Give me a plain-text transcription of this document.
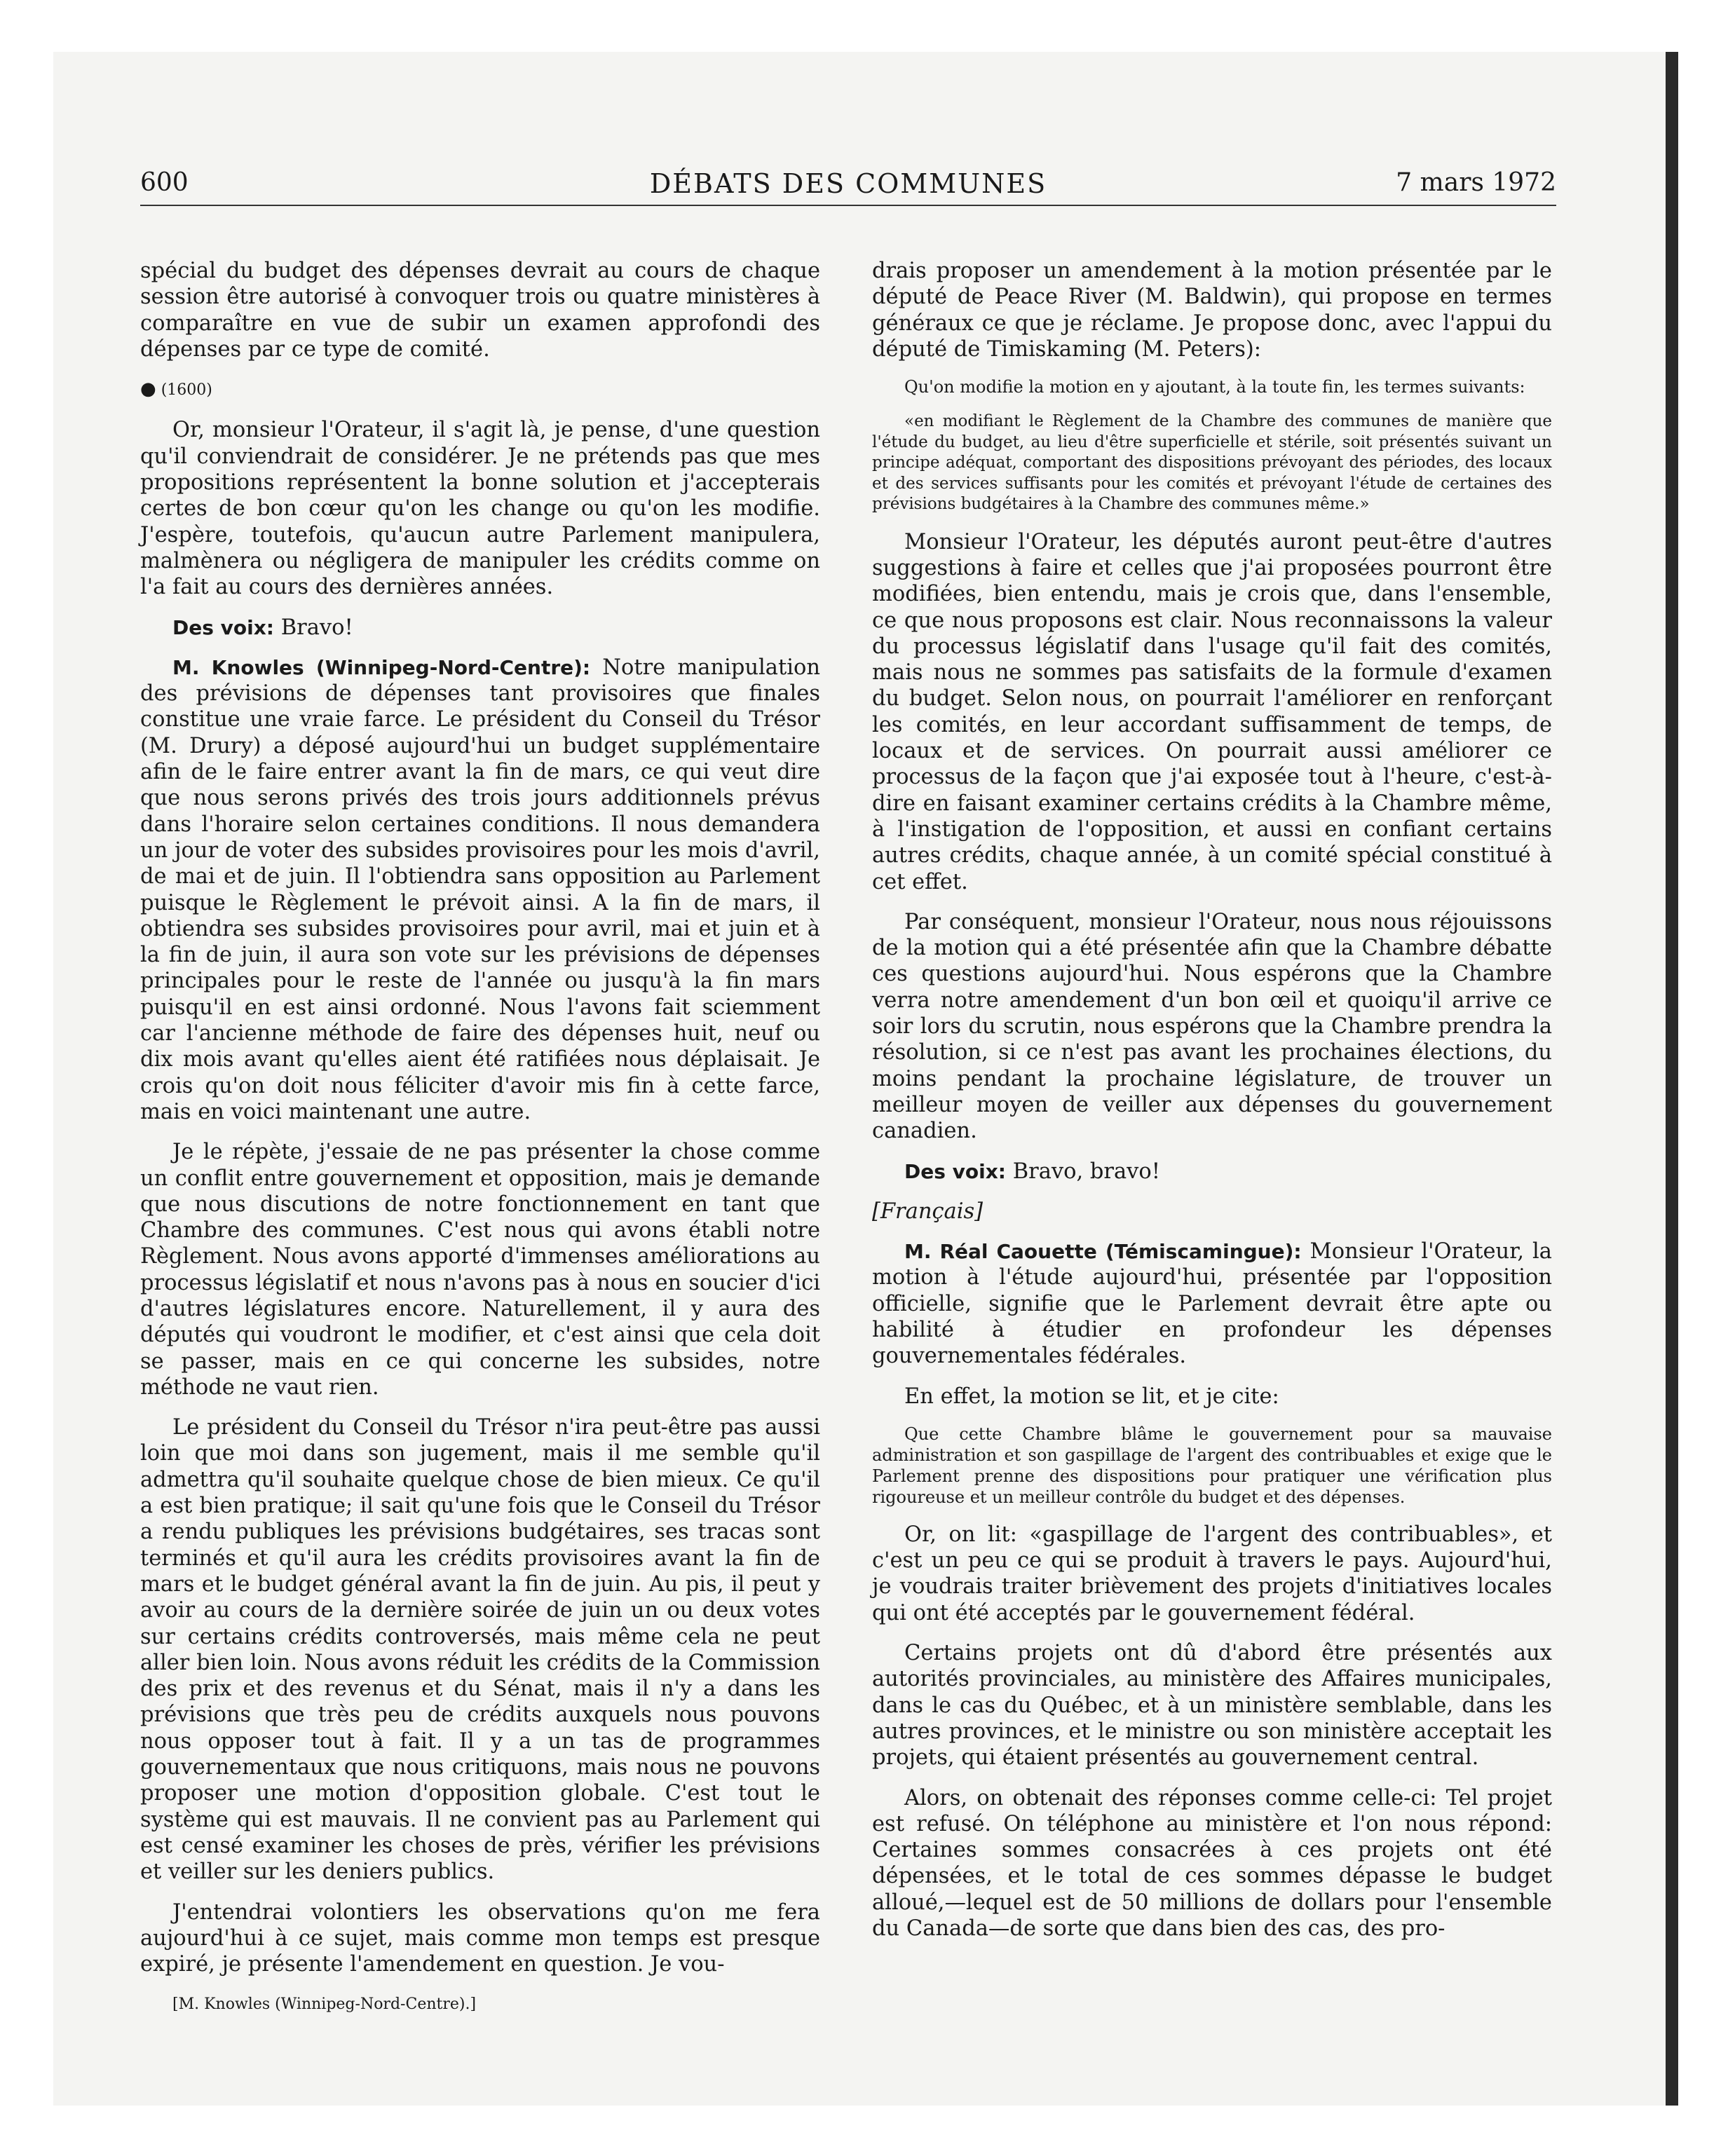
600	DÉBATS DES COMMUNES	7 mars 1972

spécial du budget des dépenses devrait au cours de chaque session être autorisé à convoquer trois ou quatre ministères à comparaître en vue de subir un examen approfondi des dépenses par ce type de comité.

● (1600)

Or, monsieur l'Orateur, il s'agit là, je pense, d'une question qu'il conviendrait de considérer. Je ne prétends pas que mes propositions représentent la bonne solution et j'accepterais certes de bon cœur qu'on les change ou qu'on les modifie. J'espère, toutefois, qu'aucun autre Parlement manipulera, malmènera ou négligera de manipuler les crédits comme on l'a fait au cours des dernières années.

Des voix: Bravo!

M. Knowles (Winnipeg-Nord-Centre): Notre manipulation des prévisions de dépenses tant provisoires que finales constitue une vraie farce. Le président du Conseil du Trésor (M. Drury) a déposé aujourd'hui un budget supplémentaire afin de le faire entrer avant la fin de mars, ce qui veut dire que nous serons privés des trois jours additionnels prévus dans l'horaire selon certaines conditions. Il nous demandera un jour de voter des subsides provisoires pour les mois d'avril, de mai et de juin. Il l'obtiendra sans opposition au Parlement puisque le Règlement le prévoit ainsi. A la fin de mars, il obtiendra ses subsides provisoires pour avril, mai et juin et à la fin de juin, il aura son vote sur les prévisions de dépenses principales pour le reste de l'année ou jusqu'à la fin mars puisqu'il en est ainsi ordonné. Nous l'avons fait sciemment car l'ancienne méthode de faire des dépenses huit, neuf ou dix mois avant qu'elles aient été ratifiées nous déplaisait. Je crois qu'on doit nous féliciter d'avoir mis fin à cette farce, mais en voici maintenant une autre.

Je le répète, j'essaie de ne pas présenter la chose comme un conflit entre gouvernement et opposition, mais je demande que nous discutions de notre fonctionnement en tant que Chambre des communes. C'est nous qui avons établi notre Règlement. Nous avons apporté d'immenses améliorations au processus législatif et nous n'avons pas à nous en soucier d'ici d'autres législatures encore. Naturellement, il y aura des députés qui voudront le modifier, et c'est ainsi que cela doit se passer, mais en ce qui concerne les subsides, notre méthode ne vaut rien.

Le président du Conseil du Trésor n'ira peut-être pas aussi loin que moi dans son jugement, mais il me semble qu'il admettra qu'il souhaite quelque chose de bien mieux. Ce qu'il a est bien pratique; il sait qu'une fois que le Conseil du Trésor a rendu publiques les prévisions budgétaires, ses tracas sont terminés et qu'il aura les crédits provisoires avant la fin de mars et le budget général avant la fin de juin. Au pis, il peut y avoir au cours de la dernière soirée de juin un ou deux votes sur certains crédits controversés, mais même cela ne peut aller bien loin. Nous avons réduit les crédits de la Commission des prix et des revenus et du Sénat, mais il n'y a dans les prévisions que très peu de crédits auxquels nous pouvons nous opposer tout à fait. Il y a un tas de programmes gouvernementaux que nous critiquons, mais nous ne pouvons proposer une motion d'opposition globale. C'est tout le système qui est mauvais. Il ne convient pas au Parlement qui est censé examiner les choses de près, vérifier les prévisions et veiller sur les deniers publics.

J'entendrai volontiers les observations qu'on me fera aujourd'hui à ce sujet, mais comme mon temps est presque expiré, je présente l'amendement en question. Je vou-

[M. Knowles (Winnipeg-Nord-Centre).]

drais proposer un amendement à la motion présentée par le député de Peace River (M. Baldwin), qui propose en termes généraux ce que je réclame. Je propose donc, avec l'appui du député de Timiskaming (M. Peters):

Qu'on modifie la motion en y ajoutant, à la toute fin, les termes suivants:

«en modifiant le Règlement de la Chambre des communes de manière que l'étude du budget, au lieu d'être superficielle et stérile, soit présentés suivant un principe adéquat, comportant des dispositions prévoyant des périodes, des locaux et des services suffisants pour les comités et prévoyant l'étude de certaines des prévisions budgétaires à la Chambre des communes même.»

Monsieur l'Orateur, les députés auront peut-être d'autres suggestions à faire et celles que j'ai proposées pourront être modifiées, bien entendu, mais je crois que, dans l'ensemble, ce que nous proposons est clair. Nous reconnaissons la valeur du processus législatif dans l'usage qu'il fait des comités, mais nous ne sommes pas satisfaits de la formule d'examen du budget. Selon nous, on pourrait l'améliorer en renforçant les comités, en leur accordant suffisamment de temps, de locaux et de services. On pourrait aussi améliorer ce processus de la façon que j'ai exposée tout à l'heure, c'est-à-dire en faisant examiner certains crédits à la Chambre même, à l'instigation de l'opposition, et aussi en confiant certains autres crédits, chaque année, à un comité spécial constitué à cet effet.

Par conséquent, monsieur l'Orateur, nous nous réjouissons de la motion qui a été présentée afin que la Chambre débatte ces questions aujourd'hui. Nous espérons que la Chambre verra notre amendement d'un bon œil et quoiqu'il arrive ce soir lors du scrutin, nous espérons que la Chambre prendra la résolution, si ce n'est pas avant les prochaines élections, du moins pendant la prochaine législature, de trouver un meilleur moyen de veiller aux dépenses du gouvernement canadien.

Des voix: Bravo, bravo!

[Français]

M. Réal Caouette (Témiscamingue): Monsieur l'Orateur, la motion à l'étude aujourd'hui, présentée par l'opposition officielle, signifie que le Parlement devrait être apte ou habilité à étudier en profondeur les dépenses gouvernementales fédérales.

En effet, la motion se lit, et je cite:

Que cette Chambre blâme le gouvernement pour sa mauvaise administration et son gaspillage de l'argent des contribuables et exige que le Parlement prenne des dispositions pour pratiquer une vérification plus rigoureuse et un meilleur contrôle du budget et des dépenses.

Or, on lit: «gaspillage de l'argent des contribuables», et c'est un peu ce qui se produit à travers le pays. Aujourd'hui, je voudrais traiter brièvement des projets d'initiatives locales qui ont été acceptés par le gouvernement fédéral.

Certains projets ont dû d'abord être présentés aux autorités provinciales, au ministère des Affaires municipales, dans le cas du Québec, et à un ministère semblable, dans les autres provinces, et le ministre ou son ministère acceptait les projets, qui étaient présentés au gouvernement central.

Alors, on obtenait des réponses comme celle-ci: Tel projet est refusé. On téléphone au ministère et l'on nous répond: Certaines sommes consacrées à ces projets ont été dépensées, et le total de ces sommes dépasse le budget alloué,—lequel est de 50 millions de dollars pour l'ensemble du Canada—de sorte que dans bien des cas, des pro-
